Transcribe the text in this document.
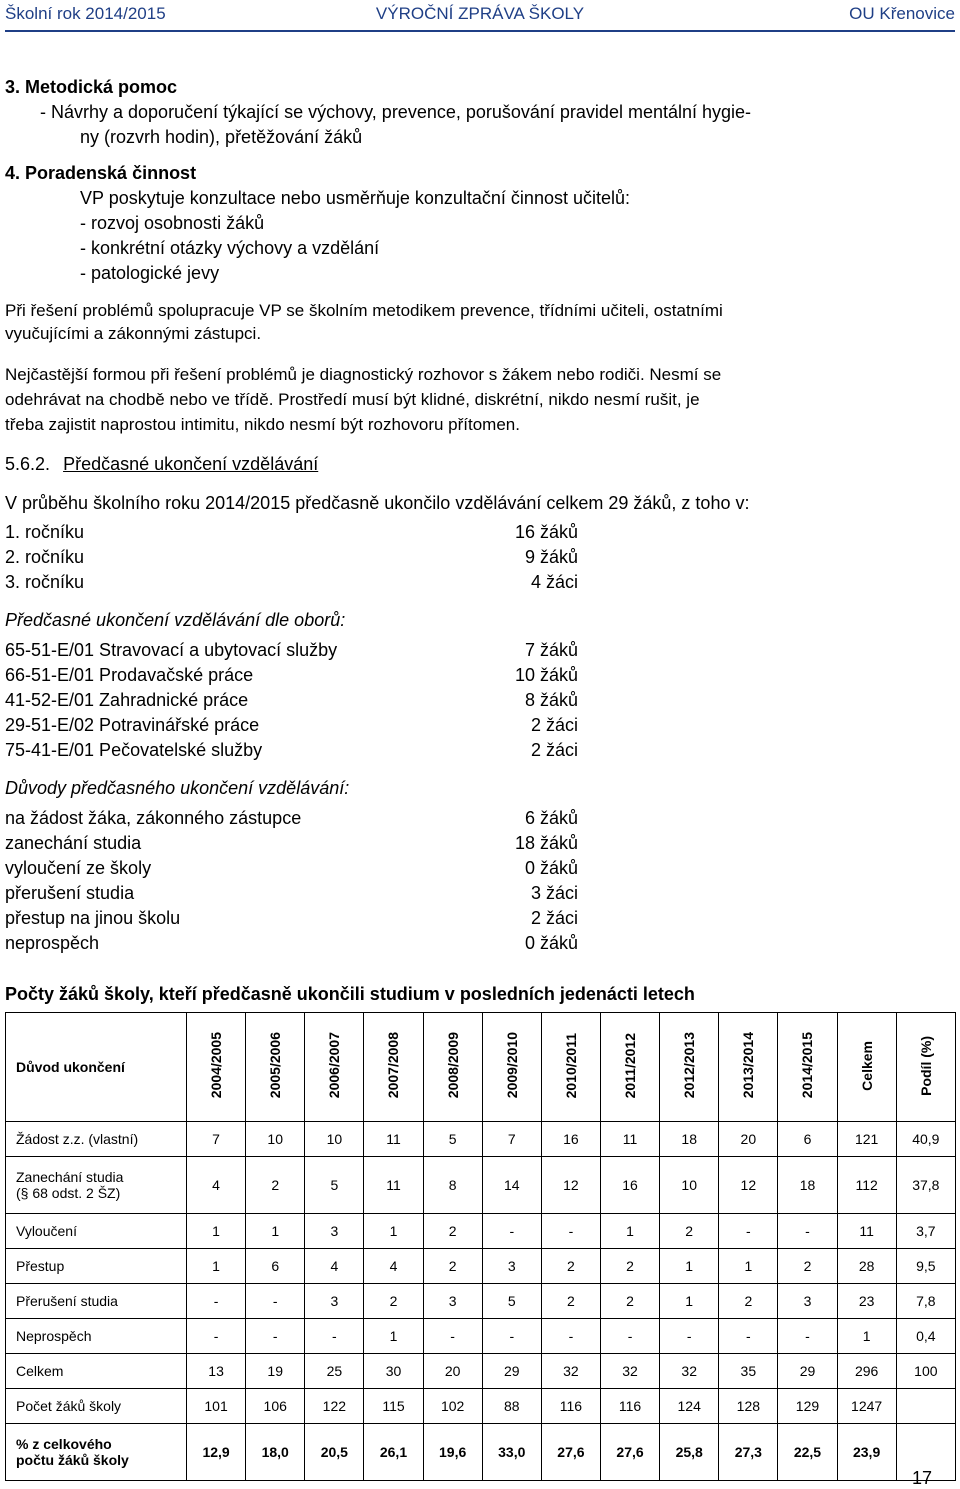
Školní rok 2014/2015	VÝROČNÍ ZPRÁVA ŠKOLY	OU Křenovice
3. Metodická pomoc
- Návrhy a doporučení týkající se výchovy, prevence, porušování pravidel mentální hygie-
ny (rozvrh hodin), přetěžování žáků
4. Poradenská činnost
VP poskytuje konzultace nebo usměrňuje konzultační činnost učitelů:
- rozvoj osobnosti žáků
- konkrétní otázky výchovy a vzdělání
- patologické jevy
Při řešení problémů spolupracuje VP se školním metodikem prevence, třídními učiteli, ostatními
vyučujícími a zákonnými zástupci.
Nejčastější formou při řešení problémů je diagnostický rozhovor s žákem nebo rodiči. Nesmí se
odehrávat na chodbě nebo ve třídě. Prostředí musí být klidné, diskrétní, nikdo nesmí rušit, je
třeba zajistit naprostou intimitu, nikdo nesmí být rozhovoru přítomen.
5.6.2. Předčasné ukončení vzdělávání
V průběhu školního roku 2014/2015 předčasně ukončilo vzdělávání celkem 29 žáků, z toho v:
1. ročníku	16 žáků
2. ročníku	9 žáků
3. ročníku	4 žáci
Předčasné ukončení vzdělávání dle oborů:
65-51-E/01 Stravovací a ubytovací služby	7 žáků
66-51-E/01 Prodavačské práce	10 žáků
41-52-E/01 Zahradnické práce	8 žáků
29-51-E/02 Potravinářské práce	2 žáci
75-41-E/01 Pečovatelské služby	2 žáci
Důvody předčasného ukončení vzdělávání:
na žádost žáka, zákonného zástupce	6 žáků
zanechání studia	18 žáků
vyloučení ze školy	0 žáků
přerušení studia	3 žáci
přestup na jinou školu	2 žáci
neprospěch	0 žáků
Počty žáků školy, kteří předčasně ukončili studium v posledních jedenácti letech
Důvod ukončení	2004/2005	2005/2006	2006/2007	2007/2008	2008/2009	2009/2010	2010/2011	2011/2012	2012/2013	2013/2014	2014/2015	Celkem	Podíl (%)
Žádost z.z. (vlastní)	7	10	10	11	5	7	16	11	18	20	6	121	40,9

Zanechání studia
(§ 68 odst. 2 ŠZ)	4	2	5	11	8	14	12	16	10	12	18	112	37,8
Vyloučení	1	1	3	1	2	-	-	1	2	-	-	11	3,7
Přestup	1	6	4	4	2	3	2	2	1	1	2	28	9,5
Přerušení studia	-	-	3	2	3	5	2	2	1	2	3	23	7,8
Neprospěch	-	-	-	1	-	-	-	-	-	-	-	1	0,4
Celkem	13	19	25	30	20	29	32	32	32	35	29	296	100
Počet žáků školy	101	106	122	115	102	88	116	116	124	128	129	1247	

% z celkového
počtu žáků školy	12,9	18,0	20,5	26,1	19,6	33,0	27,6	27,6	25,8	27,3	22,5	23,9	
17
